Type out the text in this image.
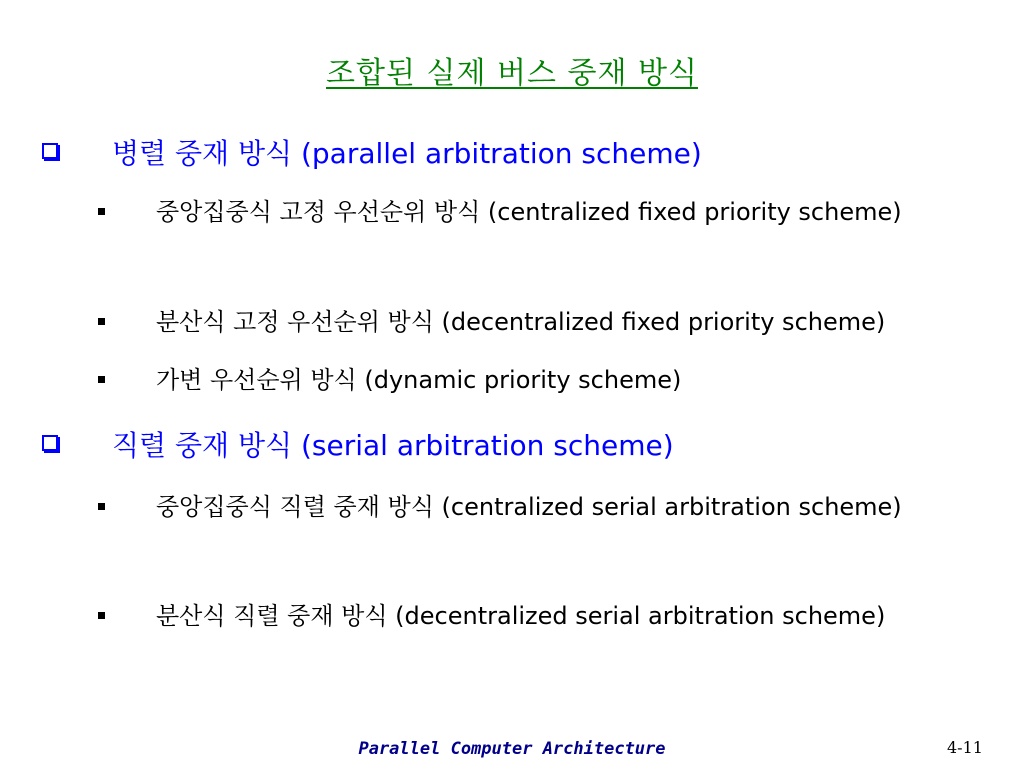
조합된 실제 버스 중재 방식
병렬 중재 방식 (parallel arbitration scheme)
중앙집중식 고정 우선순위 방식 (centralized fixed priority scheme)
분산식 고정 우선순위 방식 (decentralized fixed priority scheme)
가변 우선순위 방식 (dynamic priority scheme)
직렬 중재 방식 (serial arbitration scheme)
중앙집중식 직렬 중재 방식 (centralized serial arbitration scheme)
분산식 직렬 중재 방식 (decentralized serial arbitration scheme)
Parallel Computer Architecture	4-11
